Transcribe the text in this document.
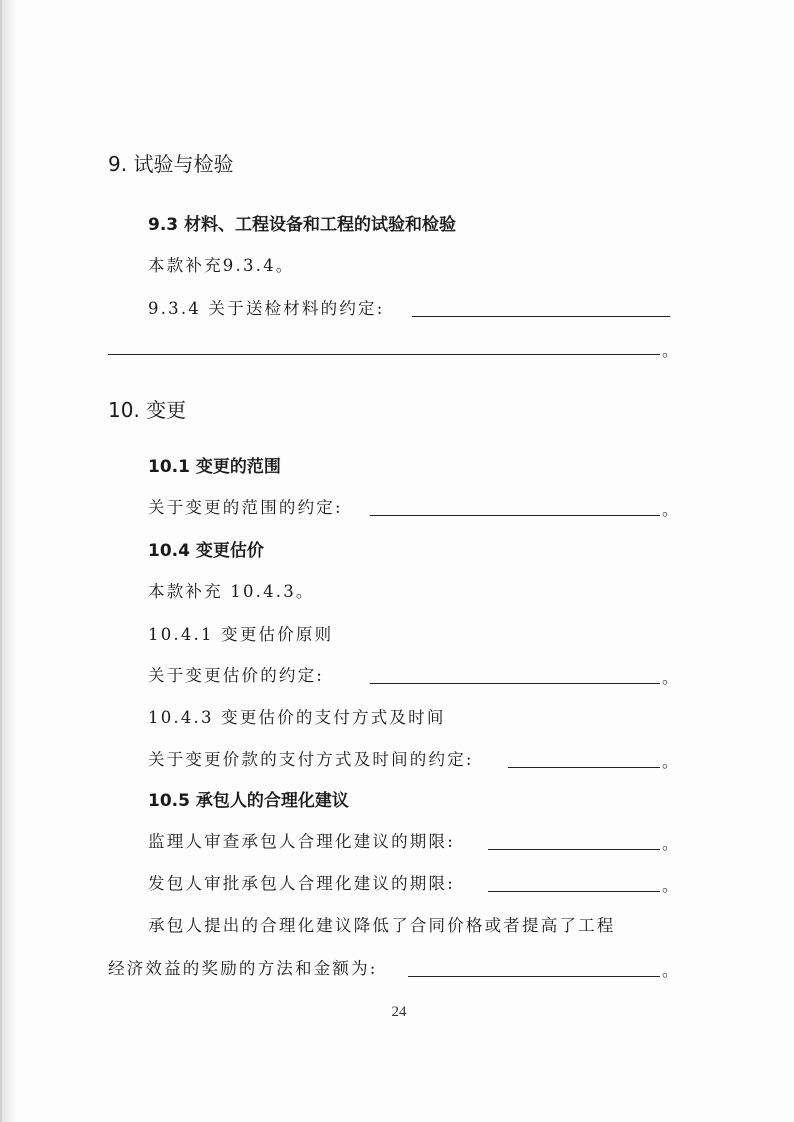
9. 试验与检验
9.3 材料、工程设备和工程的试验和检验
本款补充9.3.4。
9.3.4 关于送检材料的约定:
。
10. 变更
10.1 变更的范围
关于变更的范围的约定:	。
10.4 变更估价
本款补充 10.4.3。
10.4.1 变更估价原则
关于变更估价的约定:	。
10.4.3 变更估价的支付方式及时间
关于变更价款的支付方式及时间的约定:	。
10.5 承包人的合理化建议
监理人审查承包人合理化建议的期限:	。
发包人审批承包人合理化建议的期限:	。
承包人提出的合理化建议降低了合同价格或者提高了工程
经济效益的奖励的方法和金额为:	。
24
